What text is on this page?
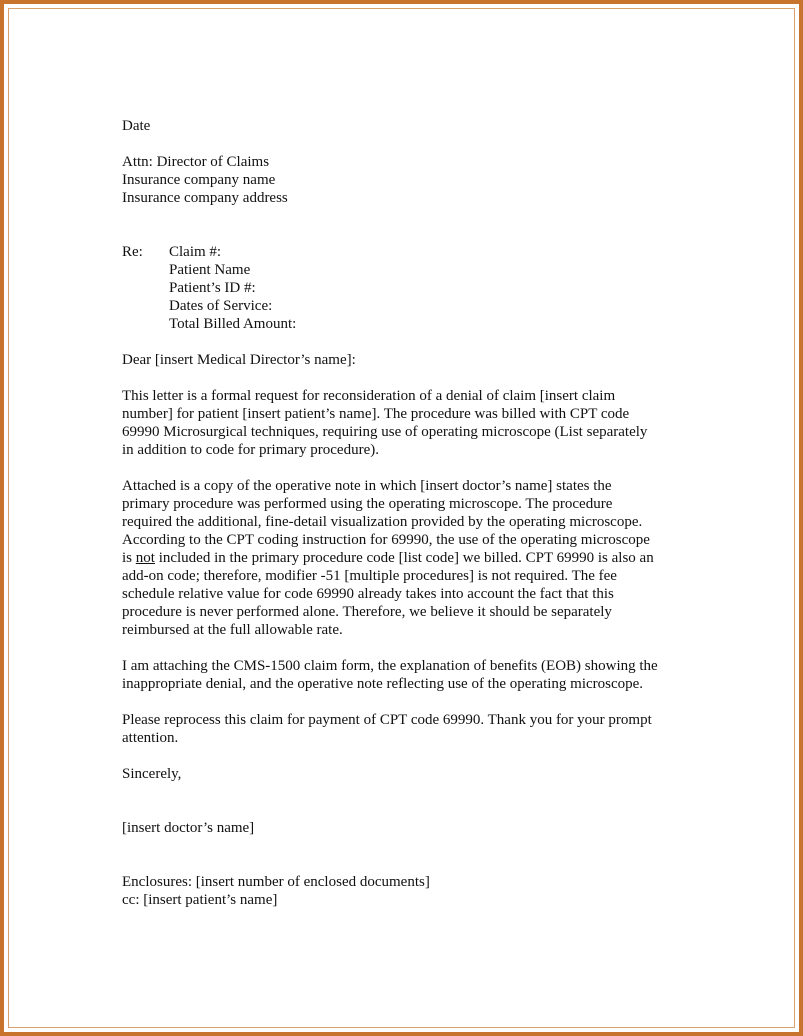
Date

Attn: Director of Claims

Insurance company name

Insurance company address

Re:	Claim #:

Patient Name

Patient’s ID #:

Dates of Service:

Total Billed Amount:

Dear [insert Medical Director’s name]:

This letter is a formal request for reconsideration of a denial of claim [insert claim

number] for patient [insert patient’s name]. The procedure was billed with CPT code

69990 Microsurgical techniques, requiring use of operating microscope (List separately

in addition to code for primary procedure).

Attached is a copy of the operative note in which [insert doctor’s name] states the

primary procedure was performed using the operating microscope. The procedure

required the additional, fine-detail visualization provided by the operating microscope.

According to the CPT coding instruction for 69990, the use of the operating microscope

is not included in the primary procedure code [list code] we billed. CPT 69990 is also an

add-on code; therefore, modifier -51 [multiple procedures] is not required. The fee

schedule relative value for code 69990 already takes into account the fact that this

procedure is never performed alone. Therefore, we believe it should be separately

reimbursed at the full allowable rate.

I am attaching the CMS-1500 claim form, the explanation of benefits (EOB) showing the

inappropriate denial, and the operative note reflecting use of the operating microscope.

Please reprocess this claim for payment of CPT code 69990. Thank you for your prompt

attention.

Sincerely,

[insert doctor’s name]

Enclosures: [insert number of enclosed documents]

cc: [insert patient’s name]
